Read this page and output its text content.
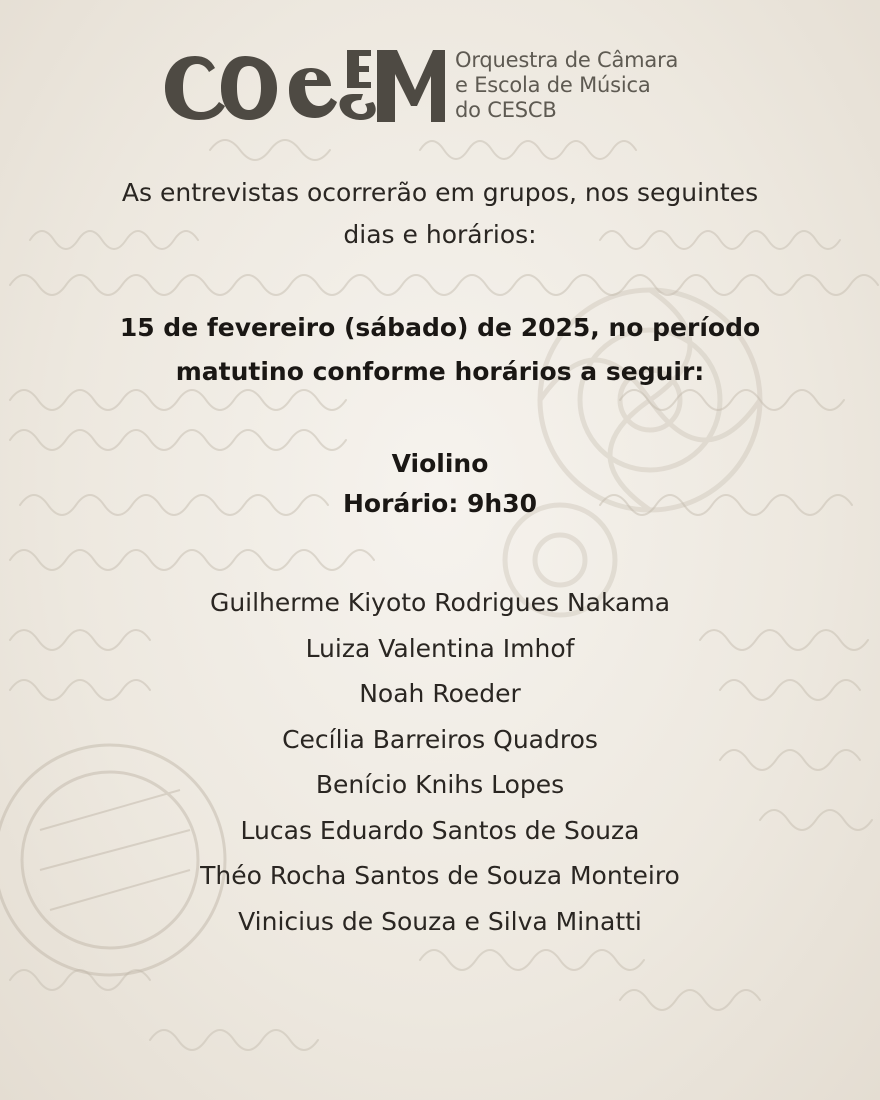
Orquestra de Câmara
e Escola de Música
do CESCB
As entrevistas ocorrerão em grupos, nos seguintes
dias e horários:
15 de fevereiro (sábado) de 2025, no período
matutino conforme horários a seguir:
Violino
Horário: 9h30
Guilherme Kiyoto Rodrigues Nakama
Luiza Valentina Imhof
Noah Roeder
Cecília Barreiros Quadros
Benício Knihs Lopes
Lucas Eduardo Santos de Souza
Théo Rocha Santos de Souza Monteiro
Vinicius de Souza e Silva Minatti
